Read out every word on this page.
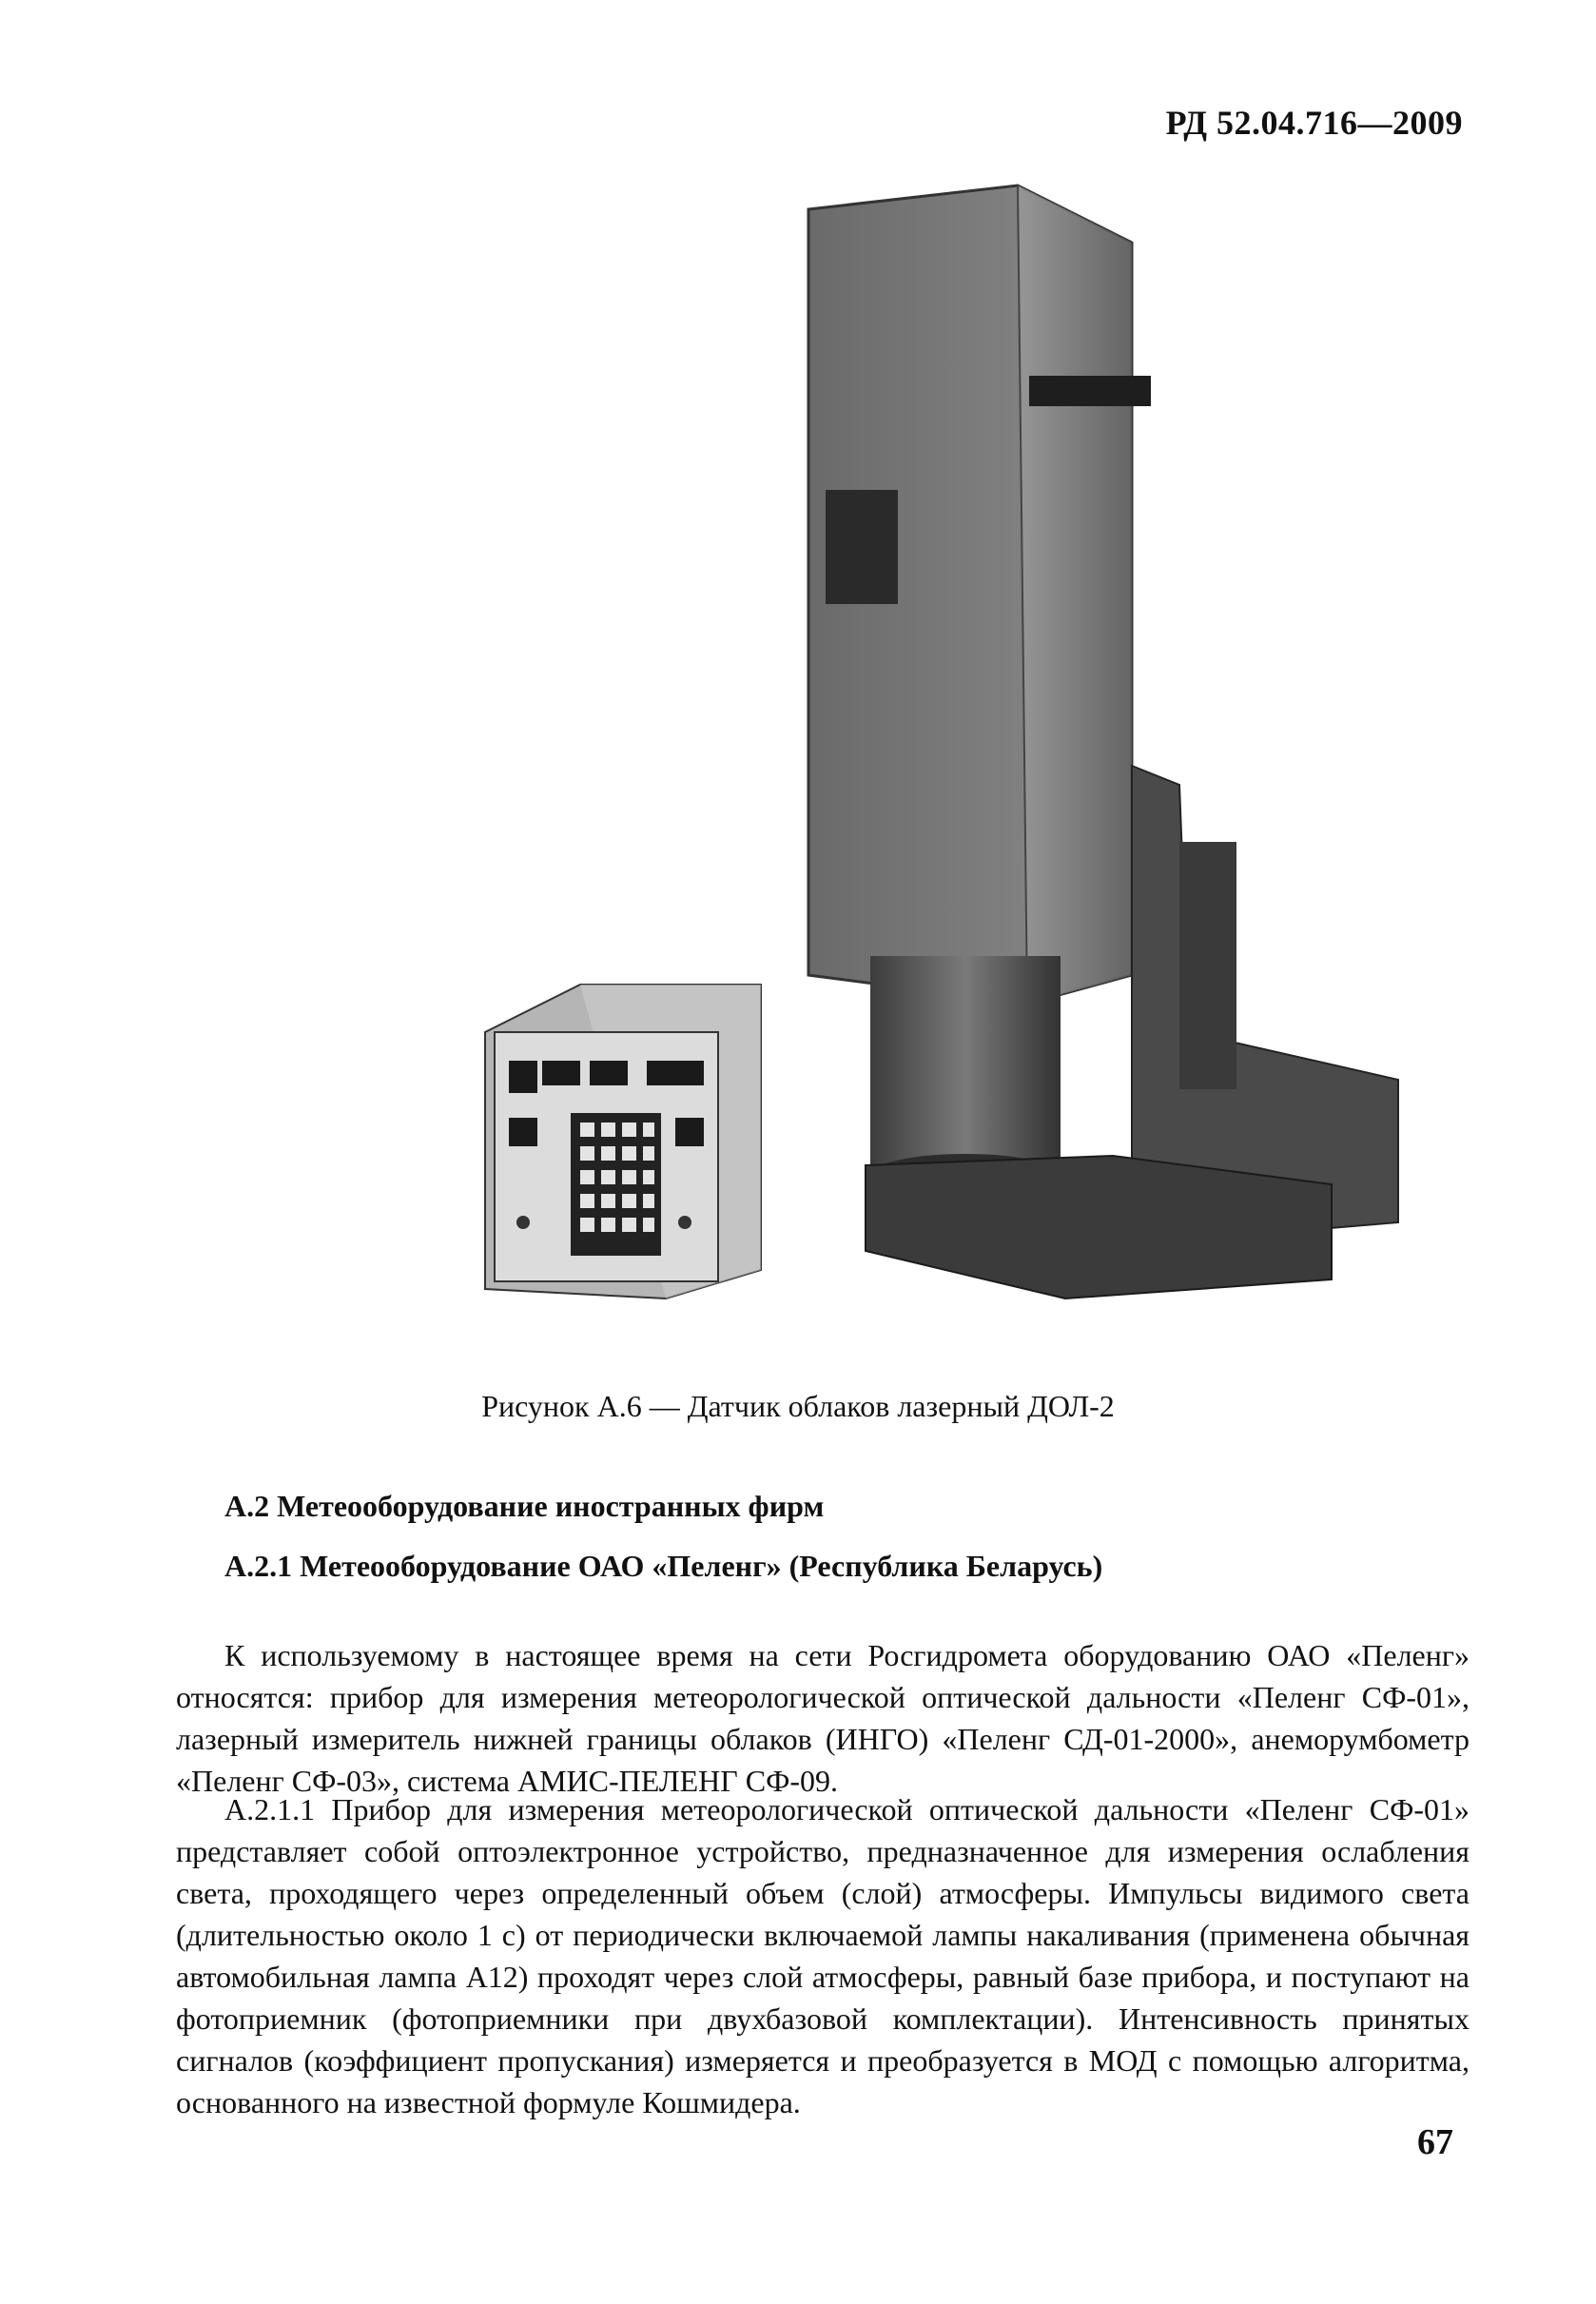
РД 52.04.716—2009
Рисунок А.6 — Датчик облаков лазерный ДОЛ-2
А.2 Метеооборудование иностранных фирм
А.2.1 Метеооборудование ОАО «Пеленг» (Республика Беларусь)

К используемому в настоящее время на сети Росгидромета оборудованию ОАО «Пеленг» относятся: прибор для измерения метеорологической оптической дальности «Пеленг СФ-01», лазерный измеритель нижней границы облаков (ИНГО) «Пеленг СД-01-2000», анеморумбометр «Пеленг СФ-03», система АМИС-ПЕЛЕНГ СФ-09.

А.2.1.1 Прибор для измерения метеорологической оптической дальности «Пеленг СФ-01» представляет собой оптоэлектронное устройство, предназначенное для измерения ослабления света, проходящего через определенный объем (слой) атмосферы. Импульсы видимого света (длительностью около 1 с) от периодически включаемой лампы накаливания (применена обычная автомобильная лампа А12) проходят через слой атмосферы, равный базе прибора, и поступают на фотоприемник (фотоприемники при двухбазовой комплектации). Интенсивность принятых сигналов (коэффициент пропускания) измеряется и преобразуется в МОД с помощью алгоритма, основанного на известной формуле Кошмидера.

67
